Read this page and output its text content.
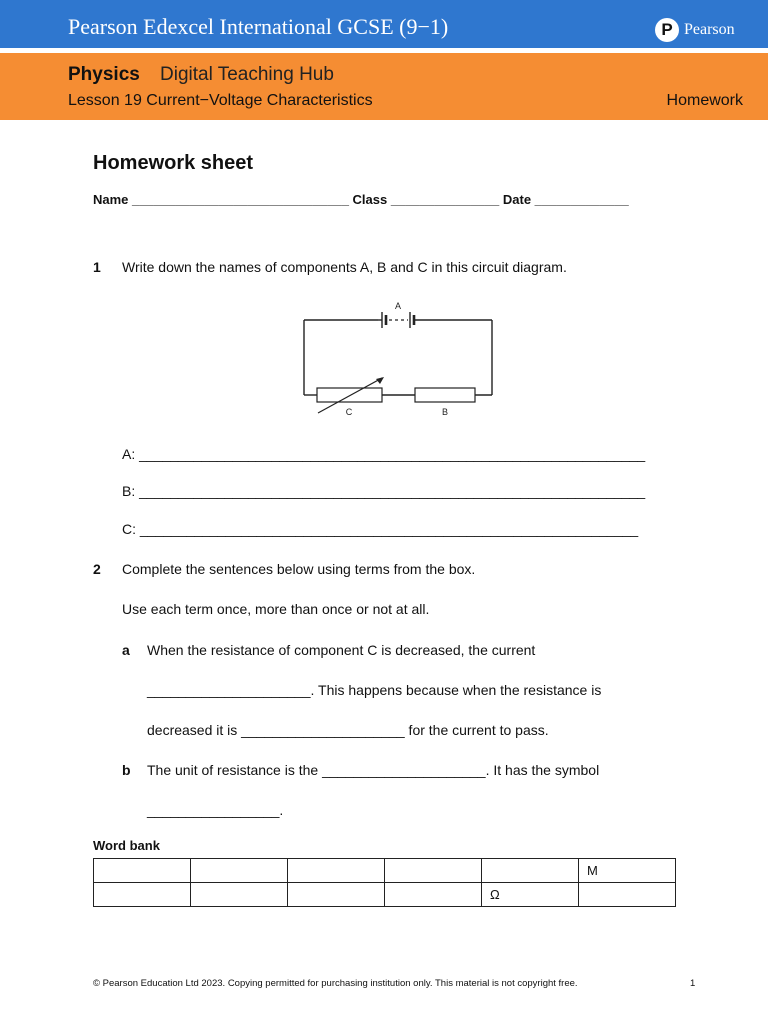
Pearson Edexcel International GCSE (9−1)	P Pearson
Physics Digital Teaching Hub
Lesson 19 Current−Voltage Characteristics	Homework
Homework sheet
Name ______________________________ Class _______________ Date _____________
1 Write down the names of components A, B and C in this circuit diagram.
A
C	B
A: _________________________________________________________________
B: _________________________________________________________________
C: ________________________________________________________________
2 Complete the sentences below using terms from the box.
Use each term once, more than once or not at all.
a When the resistance of component C is decreased, the current
_____________________. This happens because when the resistance is
decreased it is _____________________ for the current to pass.
b The unit of resistance is the _____________________. It has the symbol
_________________.
Word bank
					M
				Ω	
© Pearson Education Ltd 2023. Copying permitted for purchasing institution only. This material is not copyright free.	1
